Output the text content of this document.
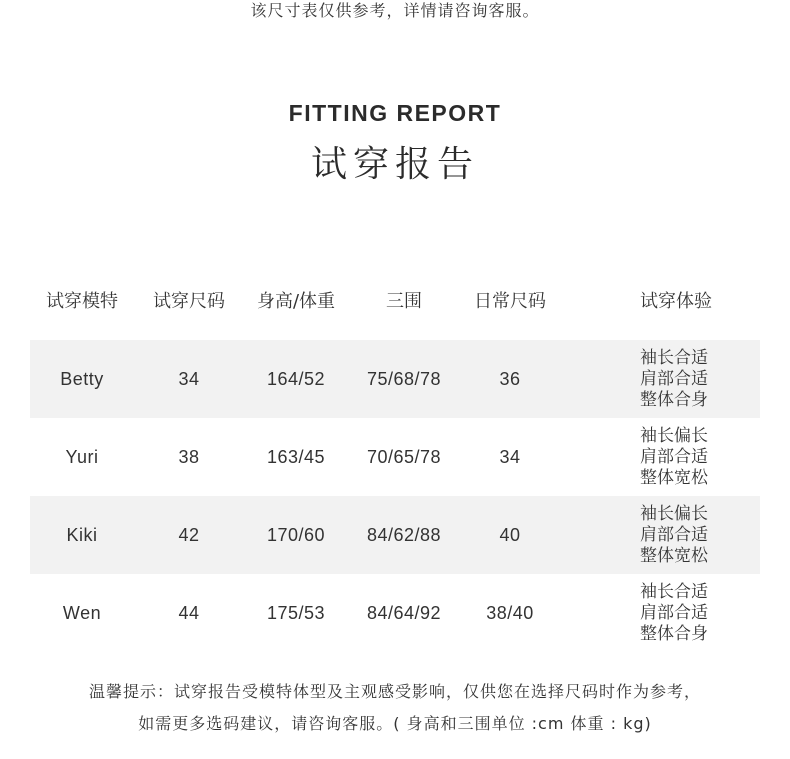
该尺寸表仅供参考，详情请咨询客服。
FITTING REPORT
试穿报告
试穿模特	试穿尺码	身高/体重	三围	日常尺码	试穿体验

Betty	34	164/52	75/68/78	36	袖长合适
肩部合适
整体合身

Yuri	38	163/45	70/65/78	34	袖长偏长
肩部合适
整体宽松

Kiki	42	170/60	84/62/88	40	袖长偏长
肩部合适
整体宽松

Wen	44	175/53	84/64/92	38/40	袖长合适
肩部合适
整体合身
温馨提示：试穿报告受模特体型及主观感受影响，仅供您在选择尺码时作为参考，
如需更多选码建议，请咨询客服。( 身高和三围单位 :cm 体重 : kg)
